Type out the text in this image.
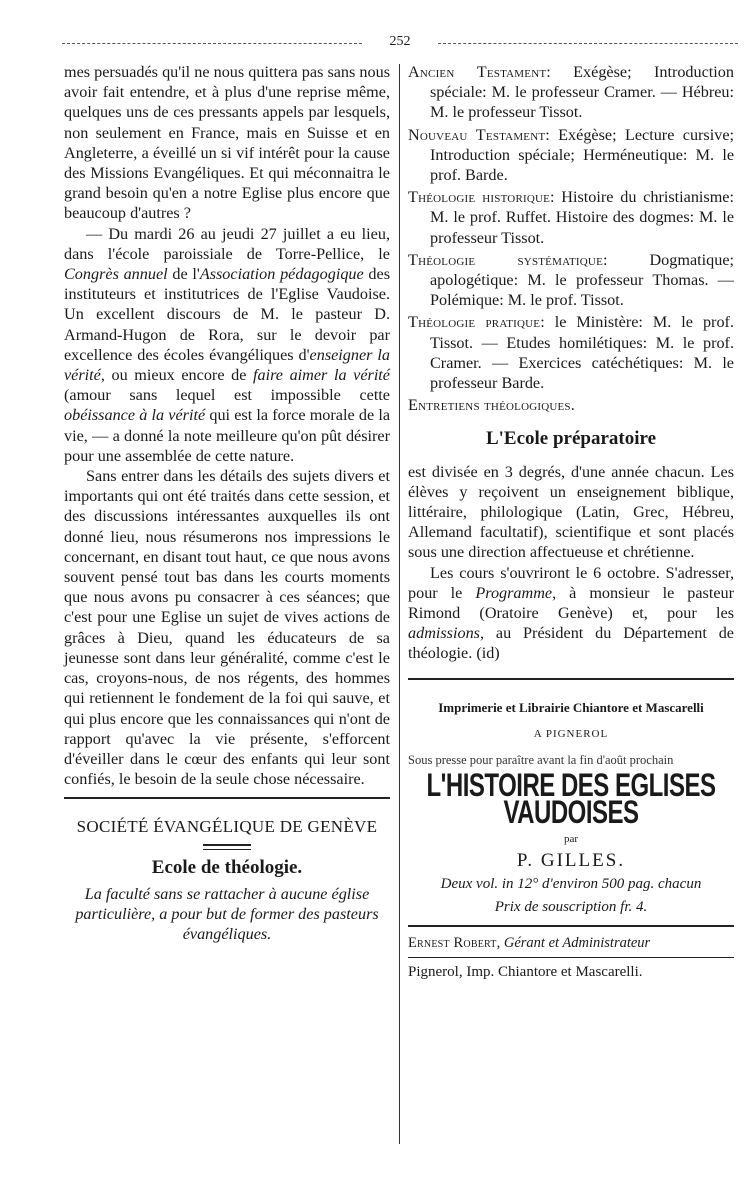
252

mes persuadés qu'il ne nous quittera pas sans nous avoir fait entendre, et à plus d'une reprise même, quelques uns de ces pressants appels par lesquels, non seulement en France, mais en Suisse et en Angleterre, a éveillé un si vif intérêt pour la cause des Missions Evangéliques. Et qui méconnaitra le grand besoin qu'en a notre Eglise plus encore que beaucoup d'autres ?

— Du mardi 26 au jeudi 27 juillet a eu lieu, dans l'école paroissiale de Torre-Pellice, le Congrès annuel de l'Association pédagogique des instituteurs et institutrices de l'Eglise Vaudoise. Un excellent discours de M. le pasteur D. Armand-Hugon de Rora, sur le devoir par excellence des écoles évangéliques d'enseigner la vérité, ou mieux encore de faire aimer la vérité (amour sans lequel est impossible cette obéissance à la vérité qui est la force morale de la vie, — a donné la note meilleure qu'on pût désirer pour une assemblée de cette nature.

Sans entrer dans les détails des sujets divers et importants qui ont été traités dans cette session, et des discussions intéressantes auxquelles ils ont donné lieu, nous résumerons nos impressions le concernant, en disant tout haut, ce que nous avons souvent pensé tout bas dans les courts moments que nous avons pu consacrer à ces séances; que c'est pour une Eglise un sujet de vives actions de grâces à Dieu, quand les éducateurs de sa jeunesse sont dans leur généralité, comme c'est le cas, croyons-nous, de nos régents, des hommes qui retiennent le fondement de la foi qui sauve, et qui plus encore que les connaissances qui n'ont de rapport qu'avec la vie présente, s'efforcent d'éveiller dans le cœur des enfants qui leur sont confiés, le besoin de la seule chose nécessaire.

SOCIÉTÉ ÉVANGÉLIQUE DE GENÈVE
Ecole de théologie.
La faculté sans se rattacher à aucune église particulière, a pour but de former des pasteurs évangéliques.

Ancien Testament: Exégèse; Introduction spéciale: M. le professeur Cramer. — Hébreu: M. le professeur Tissot.

Nouveau Testament: Exégèse; Lecture cursive; Introduction spéciale; Herméneutique: M. le prof. Barde.

Théologie historique: Histoire du christianisme: M. le prof. Ruffet. Histoire des dogmes: M. le professeur Tissot.

Théologie systématique: Dogmatique; apologétique: M. le professeur Thomas. — Polémique: M. le prof. Tissot.

Théologie pratique: le Ministère: M. le prof. Tissot. — Etudes homilétiques: M. le prof. Cramer. — Exercices catéchétiques: M. le professeur Barde.

Entretiens théologiques.

L'Ecole préparatoire

est divisée en 3 degrés, d'une année chacun. Les élèves y reçoivent un enseignement biblique, littéraire, philologique (Latin, Grec, Hébreu, Allemand facultatif), scientifique et sont placés sous une direction affectueuse et chrétienne.

Les cours s'ouvriront le 6 octobre. S'adresser, pour le Programme, à monsieur le pasteur Rimond (Oratoire Genève) et, pour les admissions, au Président du Département de théologie. (id)

Imprimerie et Librairie Chiantore et Mascarelli
A PIGNEROL
Sous presse pour paraître avant la fin d'août prochain
L'HISTOIRE DES EGLISES VAUDOISES
par
P. GILLES.
Deux vol. in 12° d'environ 500 pag. chacun
Prix de souscription fr. 4.
Ernest Robert, Gérant et Administrateur
Pignerol, Imp. Chiantore et Mascarelli.
